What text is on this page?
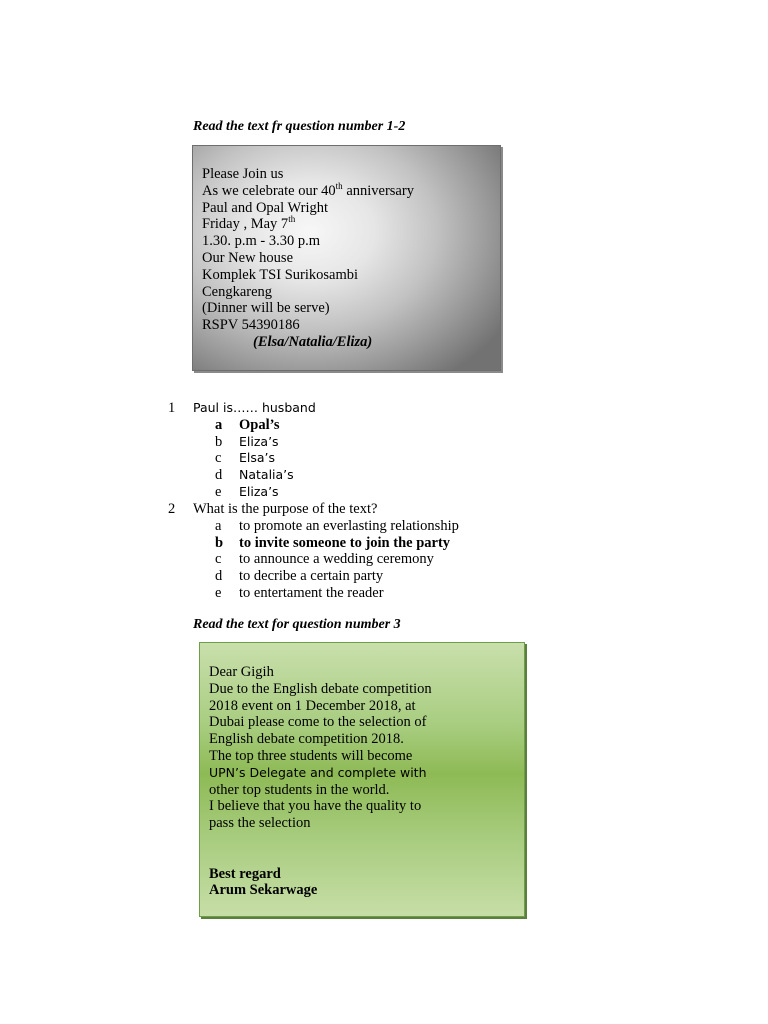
Read the text fr question number 1-2
Please Join us
As we celebrate our 40th anniversary
Paul and Opal Wright
Friday , May 7th
1.30. p.m - 3.30 p.m
Our New house
Komplek TSI Surikosambi
Cengkareng
(Dinner will be serve)
RSPV 54390186
(Elsa/Natalia/Eliza)
1 Paul is…… husband
a Opal’s
b Eliza’s
c Elsa’s
d Natalia’s
e Eliza’s
2 What is the purpose of the text?
a to promote an everlasting relationship
b to invite someone to join the party
c to announce a wedding ceremony
d to decribe a certain party
e to entertament the reader
Read the text for question number 3
Dear Gigih
Due to the English debate competition
2018 event on 1 December 2018, at
Dubai please come to the selection of
English debate competition 2018.
The top three students will become
UPN’s Delegate and complete with
other top students in the world.
I believe that you have the quality to
pass the selection
Best regard
Arum Sekarwage
